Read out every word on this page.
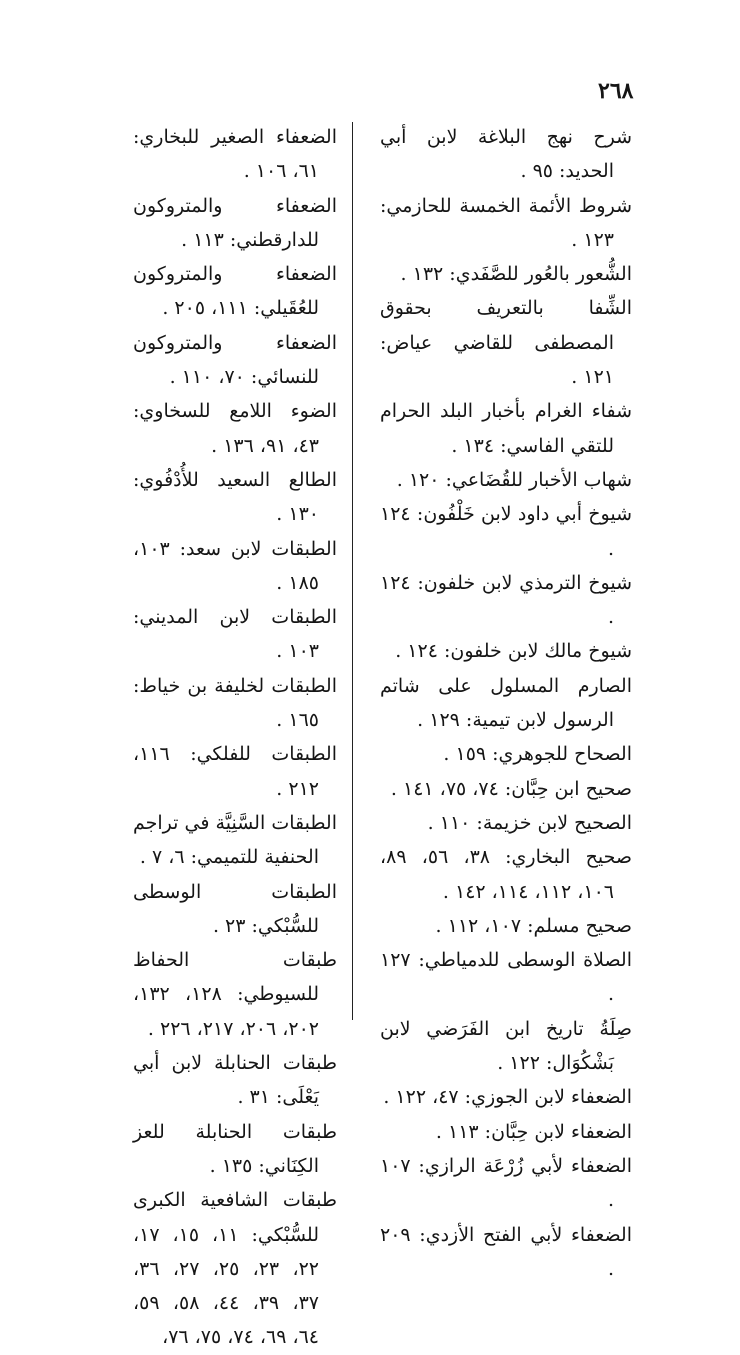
٢٦٨

شرح نهج البلاغة لابن أبي الحديد: ٩٥ .

شروط الأئمة الخمسة للحازمي: ١٢٣ .

الشُّعور بالعُور للصَّفَدي: ١٣٢ .

الشِّفا بالتعريف بحقوق المصطفى للقاضي عياض: ١٢١ .

شفاء الغرام بأخبار البلد الحرام للتقي الفاسي: ١٣٤ .

شهاب الأخبار للقُضَاعي: ١٢٠ .

شيوخ أبي داود لابن خَلْفُون: ١٢٤ .

شيوخ الترمذي لابن خلفون: ١٢٤ .

شيوخ مالك لابن خلفون: ١٢٤ .

الصارم المسلول على شاتم الرسول لابن تيمية: ١٢٩ .

الصحاح للجوهري: ١٥٩ .

صحيح ابن حِبَّان: ٧٤، ٧٥، ١٤١ .

الصحيح لابن خزيمة: ١١٠ .

صحيح البخاري: ٣٨، ٥٦، ٨٩، ١٠٦، ١١٢، ١١٤، ١٤٢ .

صحيح مسلم: ١٠٧، ١١٢ .

الصلاة الوسطى للدمياطي: ١٢٧ .

صِلَةُ تاريخ ابن الفَرَضي لابن بَشْكُوَال: ١٢٢ .

الضعفاء لابن الجوزي: ٤٧، ١٢٢ .

الضعفاء لابن حِبَّان: ١١٣ .

الضعفاء لأبي زُرْعَة الرازي: ١٠٧ .

الضعفاء لأبي الفتح الأزدي: ٢٠٩ .

الضعفاء الصغير للبخاري: ٦١، ١٠٦ .

الضعفاء والمتروكون للدارقطني: ١١٣ .

الضعفاء والمتروكون للعُقَيلي: ١١١، ٢٠٥ .

الضعفاء والمتروكون للنسائي: ٧٠، ١١٠ .

الضوء اللامع للسخاوي: ٤٣، ٩١، ١٣٦ .

الطالع السعيد للأُدْفُوي: ١٣٠ .

الطبقات لابن سعد: ١٠٣، ١٨٥ .

الطبقات لابن المديني: ١٠٣ .

الطبقات لخليفة بن خياط: ١٦٥ .

الطبقات للفلكي: ١١٦، ٢١٢ .

الطبقات السَّنِيَّة في تراجم الحنفية للتميمي: ٦، ٧ .

الطبقات الوسطى للسُّبْكي: ٢٣ .

طبقات الحفاظ للسيوطي: ١٢٨، ١٣٢، ٢٠٢، ٢٠٦، ٢١٧، ٢٢٦ .

طبقات الحنابلة لابن أبي يَعْلَى: ٣١ .

طبقات الحنابلة للعز الكِنَاني: ١٣٥ .

طبقات الشافعية الكبرى للسُّبْكي: ١١، ١٥، ١٧، ٢٢، ٢٣، ٢٥، ٢٧، ٣٦، ٣٧، ٣٩، ٤٤، ٥٨، ٥٩، ٦٤، ٦٩، ٧٤، ٧٥، ٧٦،
